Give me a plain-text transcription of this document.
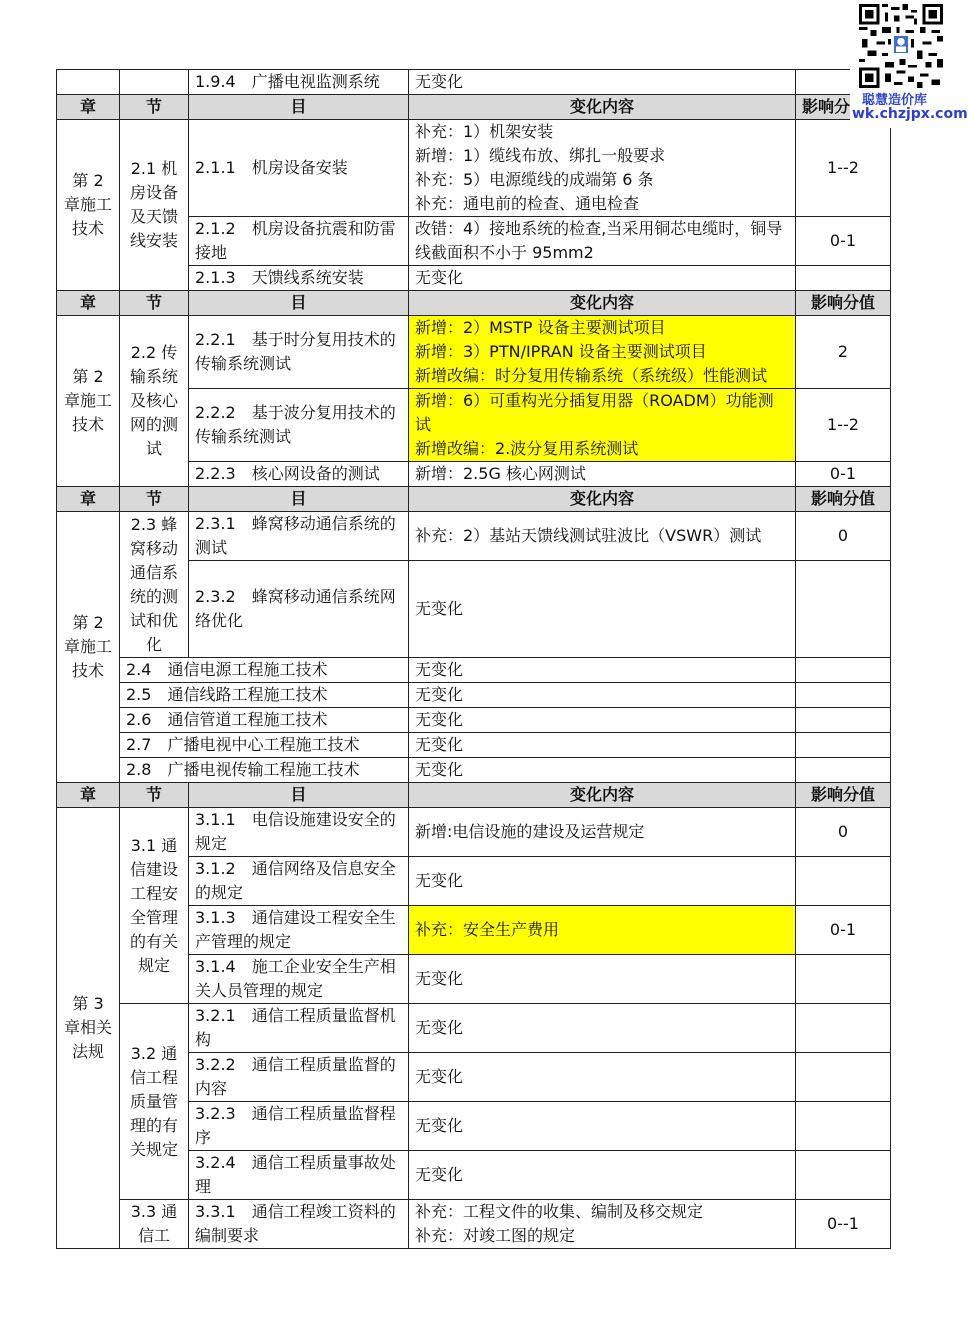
		1.9.4　广播电视监测系统	无变化	
章	节	目	变化内容	影响分
第 2 章施工技术	2.1 机房设备及天馈线安装	2.1.1　机房设备安装	补充：1）机架安装
新增：1）缆线布放、绑扎一般要求
补充：5）电源缆线的成端第 6 条
补充：通电前的检查、通电检查	1--2
		2.1.2　机房设备抗震和防雷接地	改错：4）接地系统的检查,当采用铜芯电缆时，铜导线截面积不小于 95mm2	0-1
		2.1.3　天馈线系统安装	无变化	
章	节	目	变化内容	影响分值
第 2 章施工技术	2.2 传输系统及核心网的测试	2.2.1　基于时分复用技术的传输系统测试	新增：2）MSTP 设备主要测试项目
新增：3）PTN/IPRAN 设备主要测试项目
新增改编：时分复用传输系统（系统级）性能测试	2
		2.2.2　基于波分复用技术的传输系统测试	新增：6）可重构光分插复用器（ROADM）功能测试
新增改编：2.波分复用系统测试	1--2
		2.2.3　核心网设备的测试	新增：2.5G 核心网测试	0-1
章	节	目	变化内容	影响分值
第 2 章施工技术	2.3 蜂窝移动通信系统的测试和优化	2.3.1　蜂窝移动通信系统的测试	补充：2）基站天馈线测试驻波比（VSWR）测试	0
		2.3.2　蜂窝移动通信系统网络优化	无变化	
	2.4　通信电源工程施工技术		无变化	
	2.5　通信线路工程施工技术		无变化	
	2.6　通信管道工程施工技术		无变化	
	2.7　广播电视中心工程施工技术		无变化	
	2.8　广播电视传输工程施工技术		无变化	
章	节	目	变化内容	影响分值
第 3 章相关法规	3.1 通信建设工程安全管理的有关规定	3.1.1　电信设施建设安全的规定	新增:电信设施的建设及运营规定	0
		3.1.2　通信网络及信息安全的规定	无变化	
		3.1.3　通信建设工程安全生产管理的规定	补充：安全生产费用	0-1
		3.1.4　施工企业安全生产相关人员管理的规定	无变化	
	3.2 通信工程质量管理的有关规定	3.2.1　通信工程质量监督机构	无变化	
		3.2.2　通信工程质量监督的内容	无变化	
		3.2.3　通信工程质量监督程序	无变化	
		3.2.4　通信工程质量事故处理	无变化	
	3.3 通信工	3.3.1　通信工程竣工资料的编制要求	补充：工程文件的收集、编制及移交规定
补充：对竣工图的规定	0--1
聪慧造价库
wk.chzjpx.com
